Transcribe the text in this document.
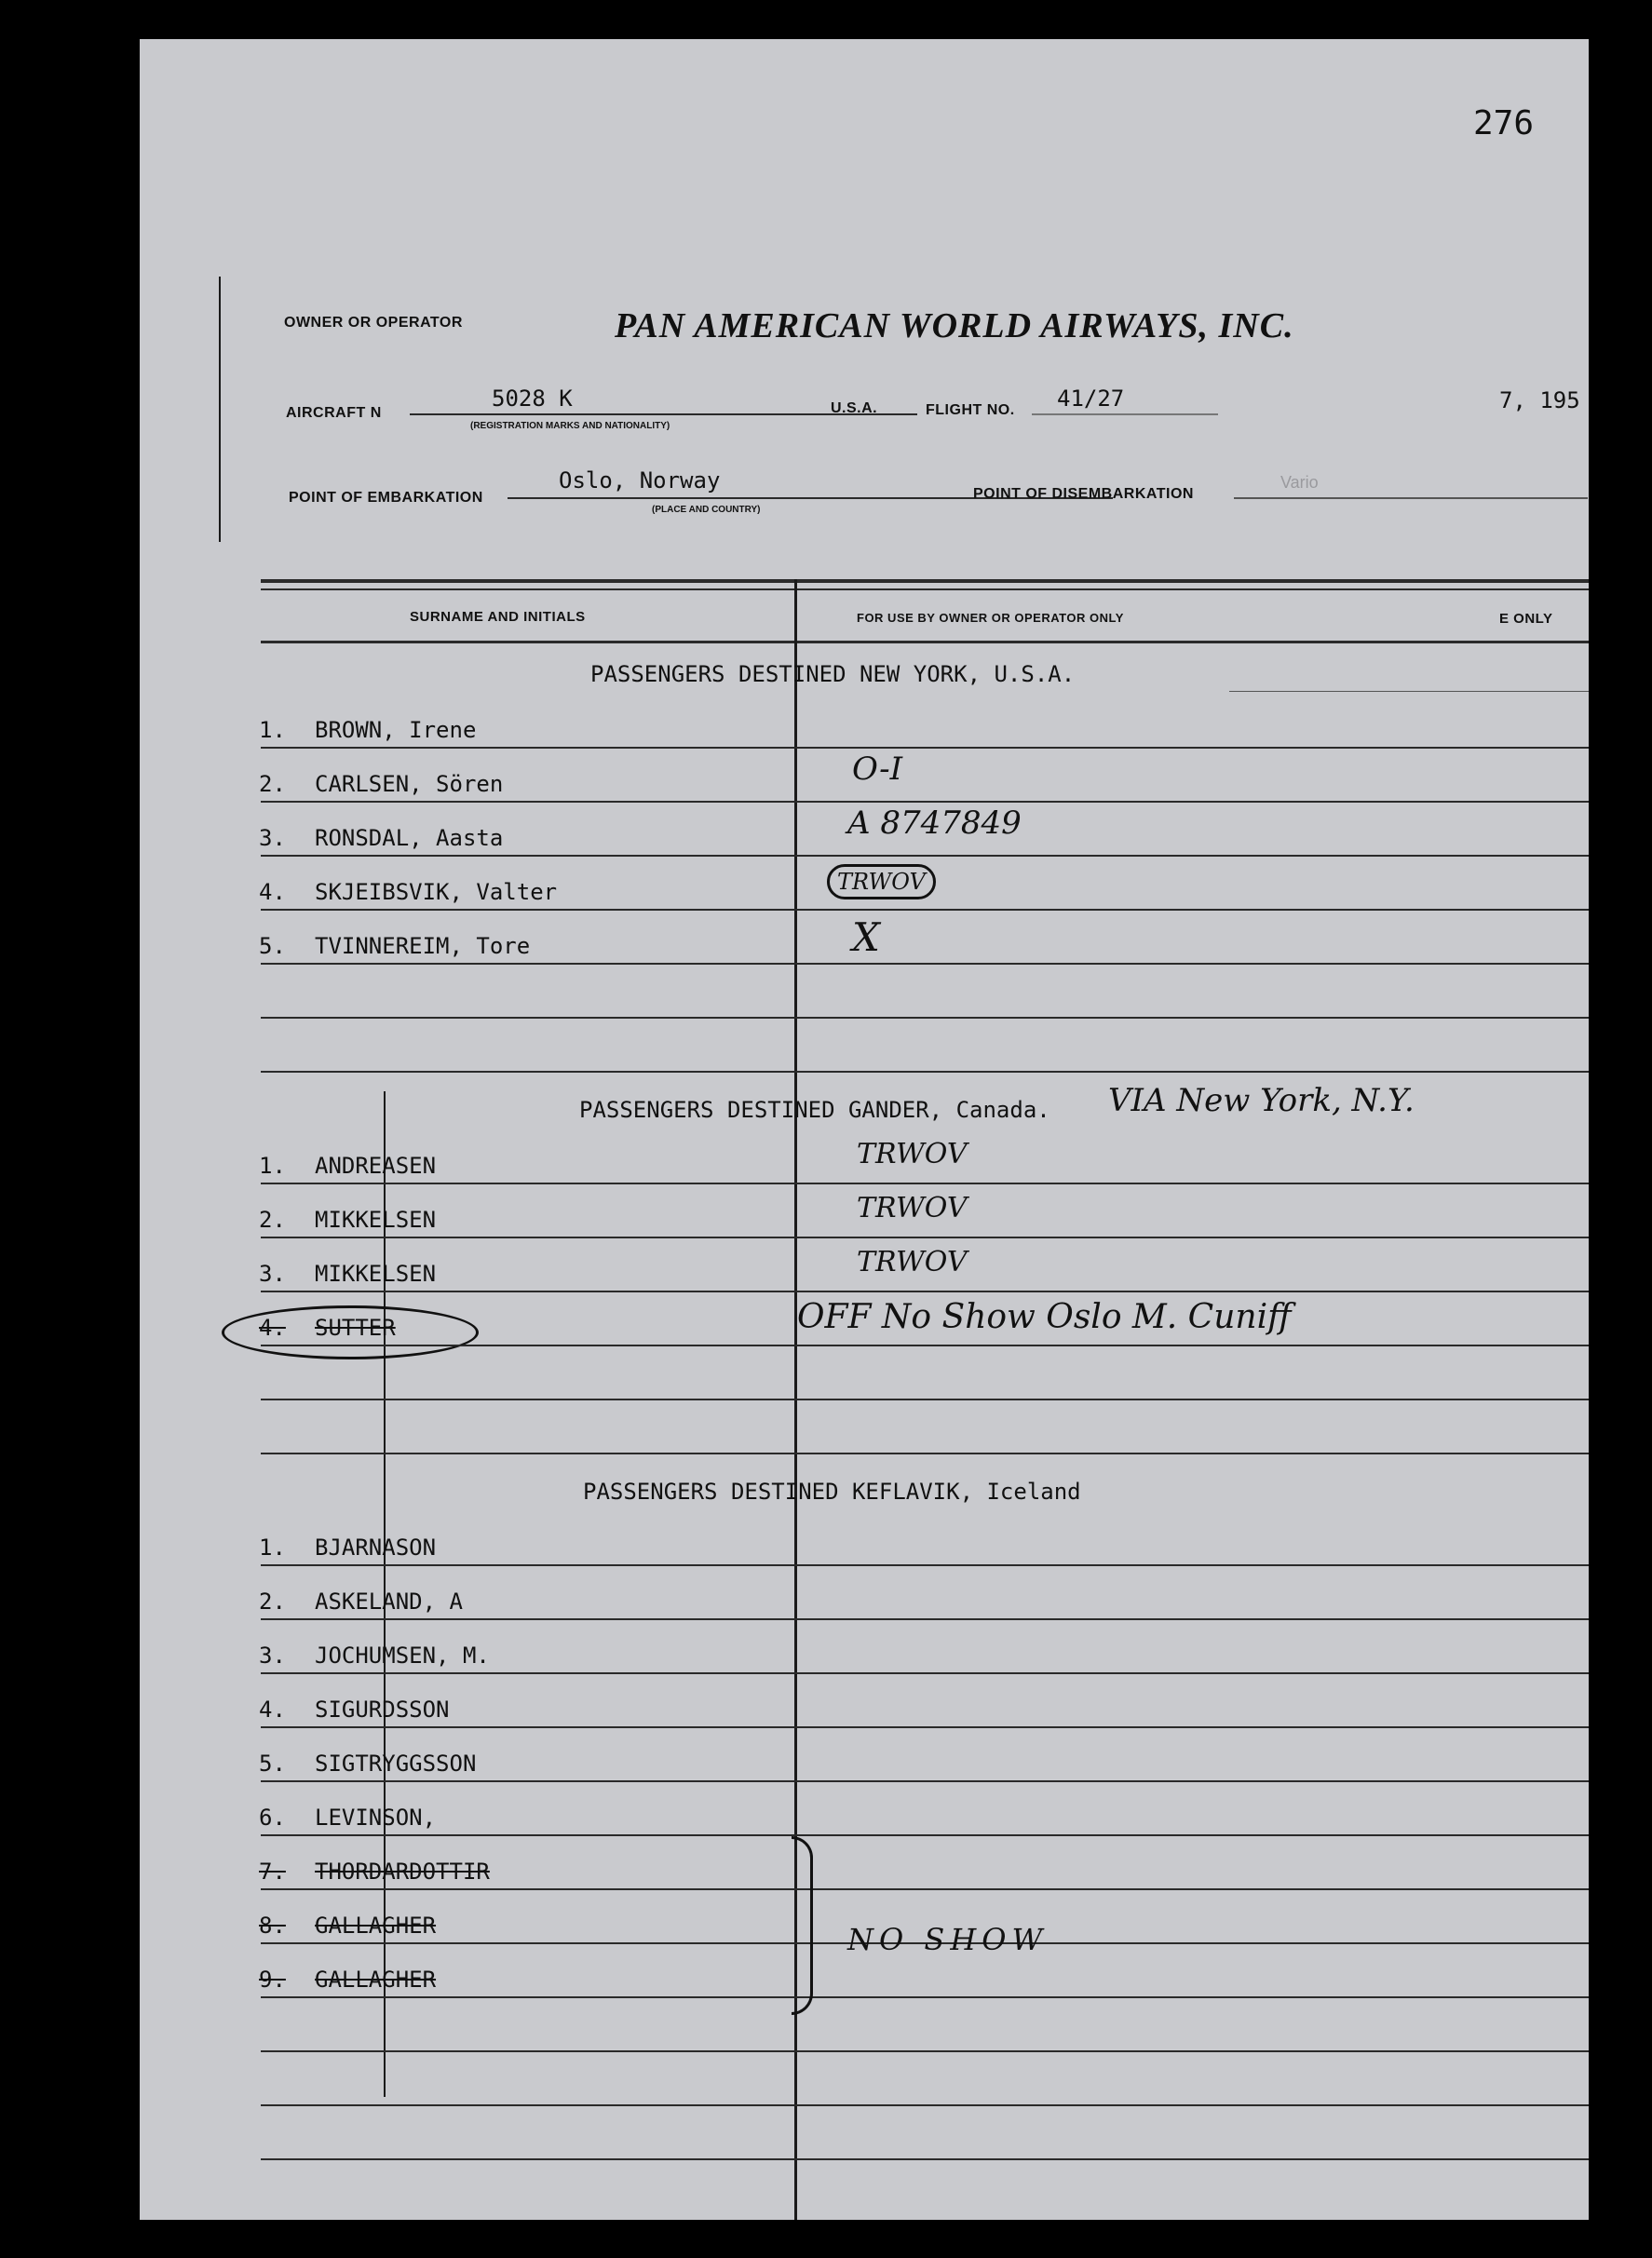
276
OWNER OR OPERATOR	PAN AMERICAN WORLD AIRWAYS, INC.
AIRCRAFT N
5028 K
(REGISTRATION MARKS AND NATIONALITY)
U.S.A.	FLIGHT NO. 41/27	7, 195
POINT OF EMBARKATION
Oslo, Norway
(PLACE AND COUNTRY)
POINT OF DISEMBARKATION
Vario
SURNAME AND INITIALS	FOR USE BY OWNER OR OPERATOR ONLY	E ONLY
PASSENGERS DESTINED NEW YORK, U.S.A.
1. BROWN, Irene
2. CARLSEN, Sören	O-I
3. RONSDAL, Aasta	A 8747849
4. SKJEIBSVIK, Valter	TRWOV
5. TVINNEREIM, Tore	X
PASSENGERS DESTINED GANDER, Canada. VIA New York, N.Y.
1. ANDREASEN	TRWOV
2. MIKKELSEN	TRWOV
3. MIKKELSEN	TRWOV
4. SUTTER	OFF No Show Oslo M. Cuniff
PASSENGERS DESTINED KEFLAVIK, Iceland
1. BJARNASON
2. ASKELAND, A
3. JOCHUMSEN, M.
4. SIGURDSSON
5. SIGTRYGGSSON
6. LEVINSON,
7. THORDARDOTTIR
8. GALLAGHER
9. GALLAGHER
NO SHOW
